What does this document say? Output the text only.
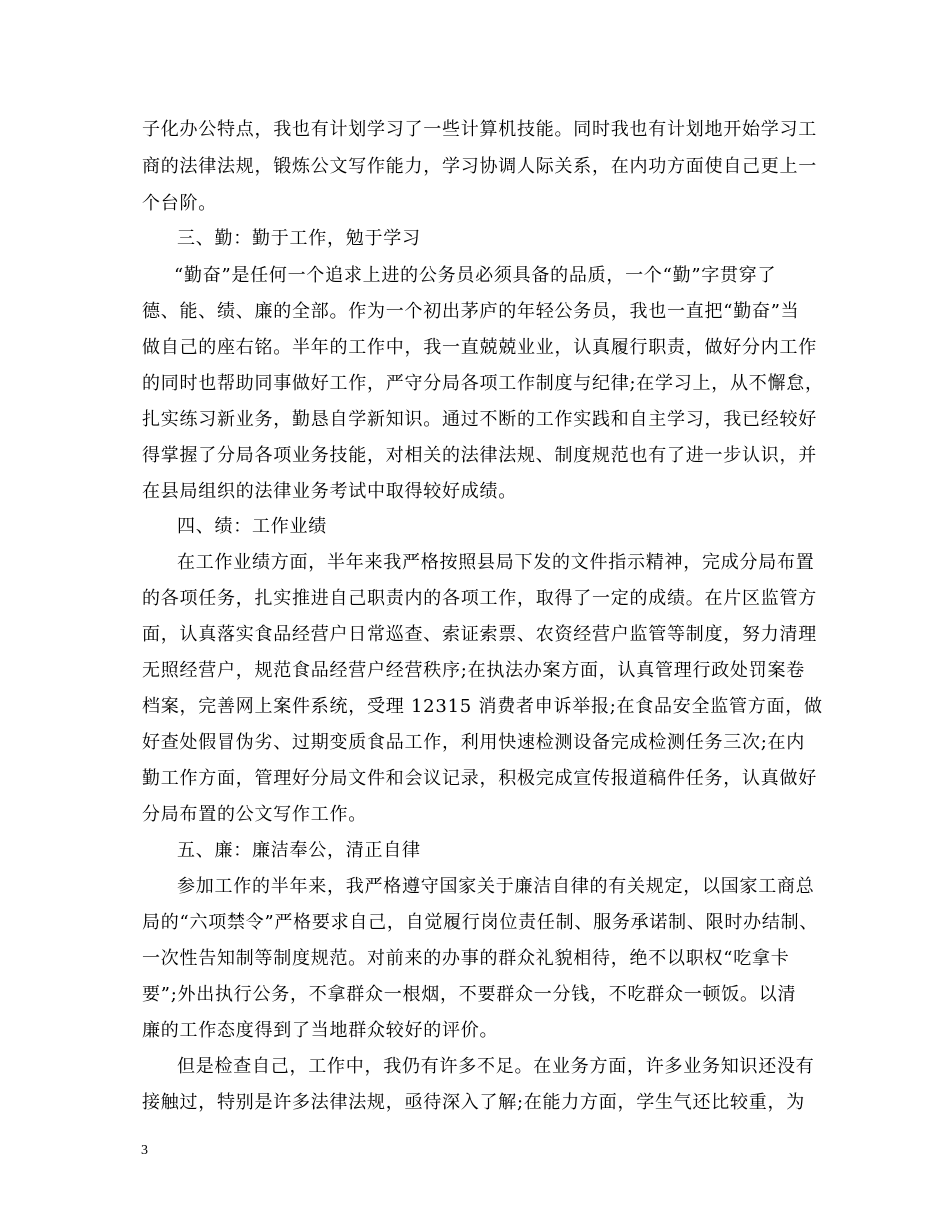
子化办公特点，我也有计划学习了一些计算机技能。同时我也有计划地开始学习工
商的法律法规，锻炼公文写作能力，学习协调人际关系，在内功方面使自己更上一
个台阶。
三、勤：勤于工作，勉于学习
“勤奋”是任何一个追求上进的公务员必须具备的品质，一个“勤”字贯穿了
德、能、绩、廉的全部。作为一个初出茅庐的年轻公务员，我也一直把“勤奋”当
做自己的座右铭。半年的工作中，我一直兢兢业业，认真履行职责，做好分内工作
的同时也帮助同事做好工作，严守分局各项工作制度与纪律;在学习上，从不懈怠，
扎实练习新业务，勤恳自学新知识。通过不断的工作实践和自主学习，我已经较好
得掌握了分局各项业务技能，对相关的法律法规、制度规范也有了进一步认识，并
在县局组织的法律业务考试中取得较好成绩。
四、绩：工作业绩
在工作业绩方面，半年来我严格按照县局下发的文件指示精神，完成分局布置
的各项任务，扎实推进自己职责内的各项工作，取得了一定的成绩。在片区监管方
面，认真落实食品经营户日常巡查、索证索票、农资经营户监管等制度，努力清理
无照经营户，规范食品经营户经营秩序;在执法办案方面，认真管理行政处罚案卷
档案，完善网上案件系统，受理 12315 消费者申诉举报;在食品安全监管方面，做
好查处假冒伪劣、过期变质食品工作，利用快速检测设备完成检测任务三次;在内
勤工作方面，管理好分局文件和会议记录，积极完成宣传报道稿件任务，认真做好
分局布置的公文写作工作。
五、廉：廉洁奉公，清正自律
参加工作的半年来，我严格遵守国家关于廉洁自律的有关规定，以国家工商总
局的“六项禁令”严格要求自己，自觉履行岗位责任制、服务承诺制、限时办结制、
一次性告知制等制度规范。对前来的办事的群众礼貌相待，绝不以职权“吃拿卡
要”;外出执行公务，不拿群众一根烟，不要群众一分钱，不吃群众一顿饭。以清
廉的工作态度得到了当地群众较好的评价。
但是检查自己，工作中，我仍有许多不足。在业务方面，许多业务知识还没有
接触过，特别是许多法律法规，亟待深入了解;在能力方面，学生气还比较重，为
3
